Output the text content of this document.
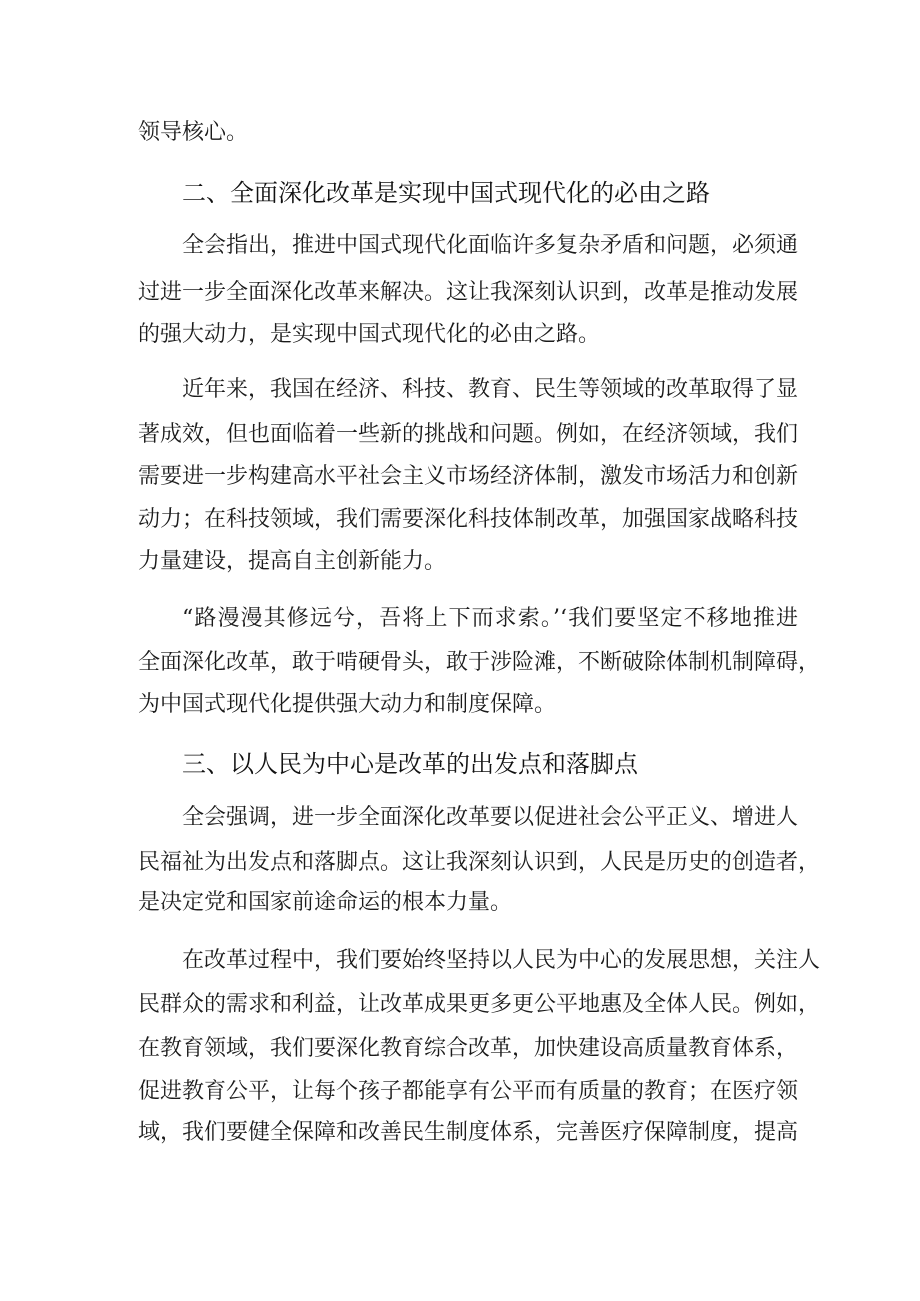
领导核心。
二、全面深化改革是实现中国式现代化的必由之路
全会指出，推进中国式现代化面临许多复杂矛盾和问题，必须通
过进一步全面深化改革来解决。这让我深刻认识到，改革是推动发展
的强大动力，是实现中国式现代化的必由之路。
近年来，我国在经济、科技、教育、民生等领域的改革取得了显
著成效，但也面临着一些新的挑战和问题。例如，在经济领域，我们
需要进一步构建高水平社会主义市场经济体制，激发市场活力和创新
动力；在科技领域，我们需要深化科技体制改革，加强国家战略科技
力量建设，提高自主创新能力。
“路漫漫其修远兮，吾将上下而求索。’‘我们要坚定不移地推进
全面深化改革，敢于啃硬骨头，敢于涉险滩，不断破除体制机制障碍，
为中国式现代化提供强大动力和制度保障。
三、以人民为中心是改革的出发点和落脚点
全会强调，进一步全面深化改革要以促进社会公平正义、增进人
民福祉为出发点和落脚点。这让我深刻认识到，人民是历史的创造者，
是决定党和国家前途命运的根本力量。
在改革过程中，我们要始终坚持以人民为中心的发展思想，关注人
民群众的需求和利益，让改革成果更多更公平地惠及全体人民。例如，
在教育领域，我们要深化教育综合改革，加快建设高质量教育体系，
促进教育公平，让每个孩子都能享有公平而有质量的教育；在医疗领
域，我们要健全保障和改善民生制度体系，完善医疗保障制度，提高
